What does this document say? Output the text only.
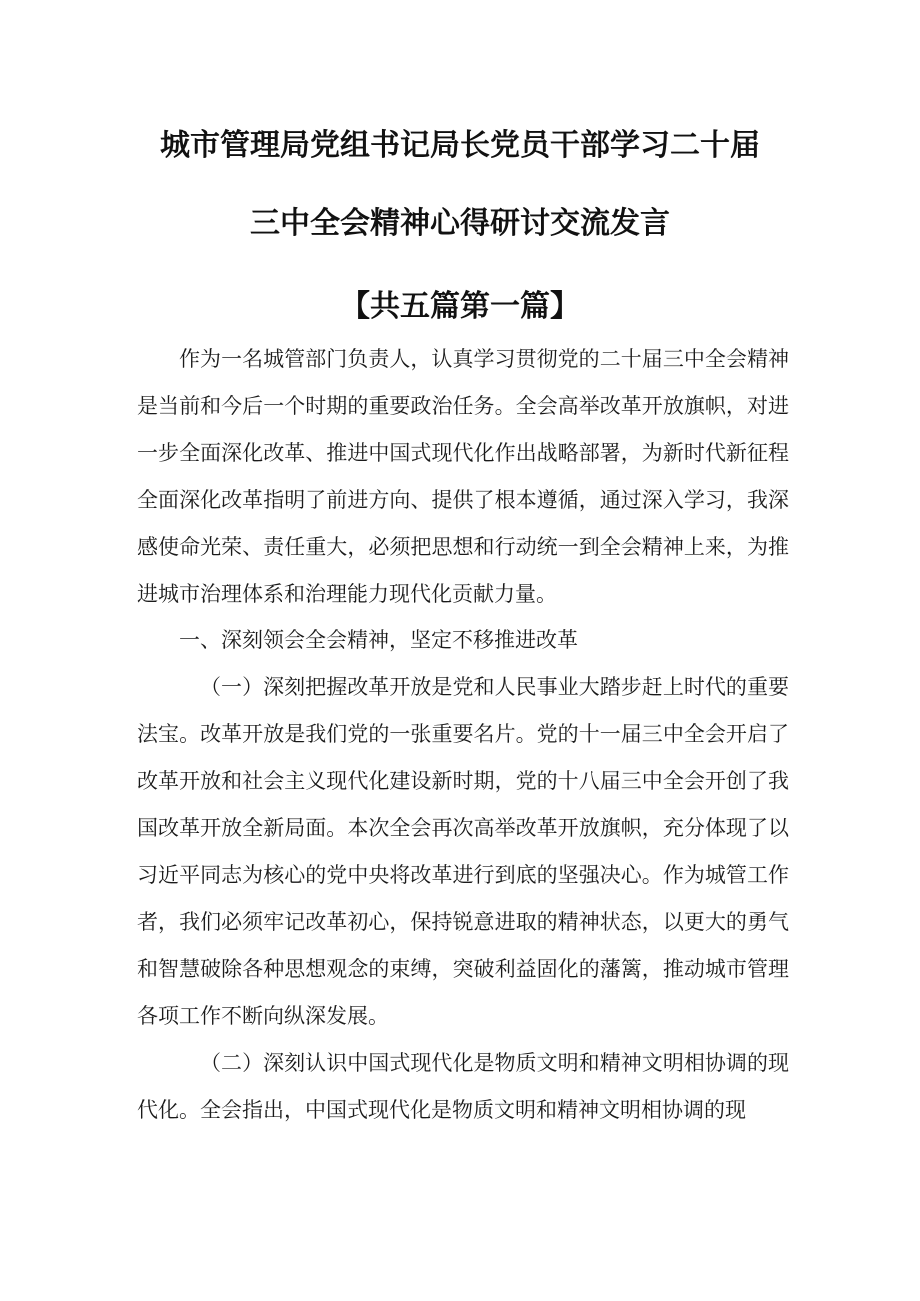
城市管理局党组书记局长党员干部学习二十届
三中全会精神心得研讨交流发言
【共五篇第一篇】

作为一名城管部门负责人，认真学习贯彻党的二十届三中全会精神是当前和今后一个时期的重要政治任务。全会高举改革开放旗帜，对进一步全面深化改革、推进中国式现代化作出战略部署，为新时代新征程全面深化改革指明了前进方向、提供了根本遵循，通过深入学习，我深感使命光荣、责任重大，必须把思想和行动统一到全会精神上来，为推进城市治理体系和治理能力现代化贡献力量。

一、深刻领会全会精神，坚定不移推进改革

（一）深刻把握改革开放是党和人民事业大踏步赶上时代的重要法宝。改革开放是我们党的一张重要名片。党的十一届三中全会开启了改革开放和社会主义现代化建设新时期，党的十八届三中全会开创了我国改革开放全新局面。本次全会再次高举改革开放旗帜，充分体现了以习近平同志为核心的党中央将改革进行到底的坚强决心。作为城管工作者，我们必须牢记改革初心，保持锐意进取的精神状态，以更大的勇气和智慧破除各种思想观念的束缚，突破利益固化的藩篱，推动城市管理各项工作不断向纵深发展。

（二）深刻认识中国式现代化是物质文明和精神文明相协调的现代化。全会指出，中国式现代化是物质文明和精神文明相协调的现
